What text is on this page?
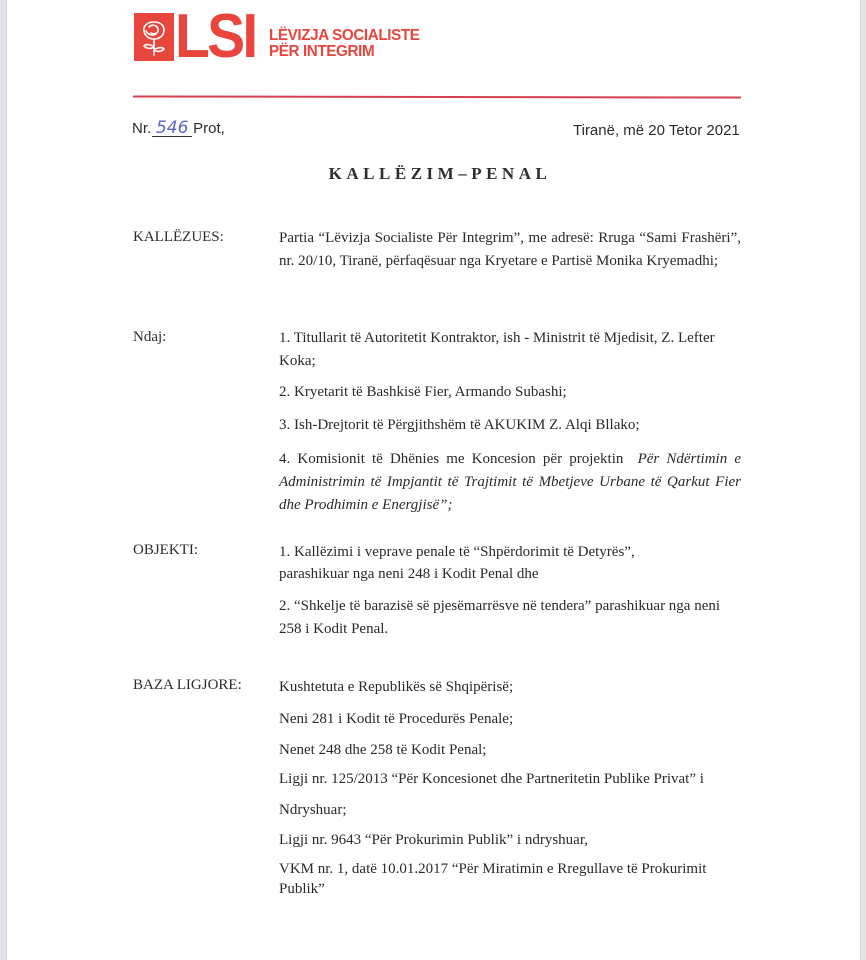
LSI LËVIZJA SOCIALISTE
PËR INTEGRIM
Nr. 546 Prot,	Tiranë, më 20 Tetor 2021
KALLËZIM–PENAL
KALLËZUES:	Partia “Lëvizja Socialiste Për Integrim”, me adresë: Rruga “Sami Frashëri”, nr. 20/10, Tiranë, përfaqësuar nga Kryetare e Partisë Monika Kryemadhi;
Ndaj:	1. Titullarit të Autoritetit Kontraktor, ish - Ministrit të Mjedisit, Z. Lefter Koka;
2. Kryetarit të Bashkisë Fier, Armando Subashi;
3. Ish-Drejtorit të Përgjithshëm të AKUKIM Z. Alqi Bllako;
4. Komisionit të Dhënies me Koncesion për projektin Për Ndërtimin e Administrimin të Impjantit të Trajtimit të Mbetjeve Urbane të Qarkut Fier dhe Prodhimin e Energjisë”;
OBJEKTI:	1. Kallëzimi i veprave penale të “Shpërdorimit të Detyrës”,
parashikuar nga neni 248 i Kodit Penal dhe
2. “Shkelje të barazisë së pjesëmarrësve në tendera” parashikuar nga neni 258 i Kodit Penal.
BAZA LIGJORE: Kushtetuta e Republikës së Shqipërisë;
Neni 281 i Kodit të Procedurës Penale;
Nenet 248 dhe 258 të Kodit Penal;
Ligji nr. 125/2013 “Për Koncesionet dhe Partneritetin Publike Privat” i
Ndryshuar;
Ligji nr. 9643 “Për Prokurimin Publik” i ndryshuar,
VKM nr. 1, datë 10.01.2017 “Për Miratimin e Rregullave të Prokurimit Publik”
